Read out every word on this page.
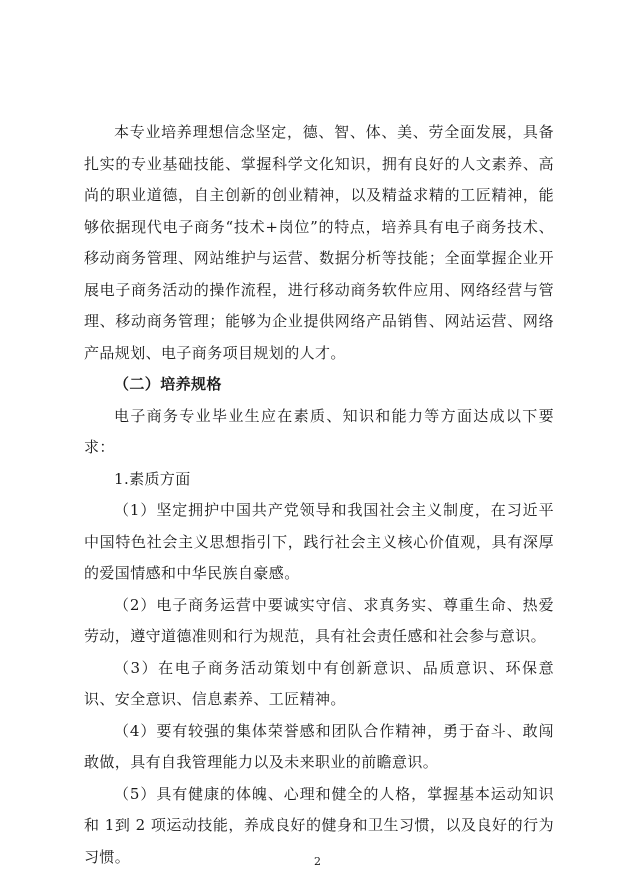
本专业培养理想信念坚定，德、智、体、美、劳全面发展，具备扎实的专业基础技能、掌握科学文化知识，拥有良好的人文素养、高尚的职业道德，自主创新的创业精神，以及精益求精的工匠精神，能够依据现代电子商务“技术+岗位”的特点，培养具有电子商务技术、移动商务管理、网站维护与运营、数据分析等技能；全面掌握企业开展电子商务活动的操作流程，进行移动商务软件应用、网络经营与管理、移动商务管理；能够为企业提供网络产品销售、网站运营、网络产品规划、电子商务项目规划的人才。

（二）培养规格

电子商务专业毕业生应在素质、知识和能力等方面达成以下要求：

1.素质方面

（1）坚定拥护中国共产党领导和我国社会主义制度，在习近平中国特色社会主义思想指引下，践行社会主义核心价值观，具有深厚的爱国情感和中华民族自豪感。

（2）电子商务运营中要诚实守信、求真务实、尊重生命、热爱劳动，遵守道德准则和行为规范，具有社会责任感和社会参与意识。

（3）在电子商务活动策划中有创新意识、品质意识、环保意识、安全意识、信息素养、工匠精神。

（4）要有较强的集体荣誉感和团队合作精神，勇于奋斗、敢闯敢做，具有自我管理能力以及未来职业的前瞻意识。

（5）具有健康的体魄、心理和健全的人格，掌握基本运动知识和 1到 2 项运动技能，养成良好的健身和卫生习惯，以及良好的行为习惯。	2
